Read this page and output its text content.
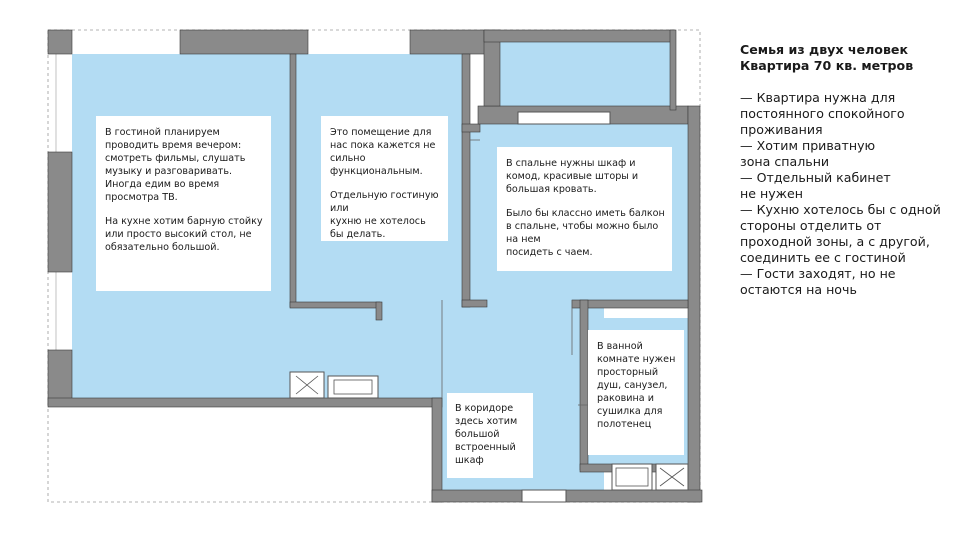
В гостиной планируем
проводить время вечером:
смотреть фильмы, слушать
музыку и разговаривать.
Иногда едим во время
просмотра ТВ.

На кухне хотим барную стойку
или просто высокий стол, не
обязательно большой.

Это помещение для
нас пока кажется не
сильно
функциональным.

Отдельную гостиную
или
кухню не хотелось
бы делать.

В спальне нужны шкаф и
комод, красивые шторы и
большая кровать.

Было бы классно иметь балкон
в спальне, чтобы можно было
на нем
посидеть с чаем.

В ванной
комнате нужен
просторный
душ, санузел,
раковина и
сушилка для
полотенец

В коридоре
здесь хотим
большой
встроенный
шкаф

Семья из двух человек
Квартира 70 кв. метров
— Квартира нужна для
постоянного спокойного
проживания
— Хотим приватную
зона спальни
— Отдельный кабинет
не нужен
— Кухню хотелось бы с одной
стороны отделить от
проходной зоны, а с другой,
соединить ее с гостиной
— Гости заходят, но не
остаются на ночь
